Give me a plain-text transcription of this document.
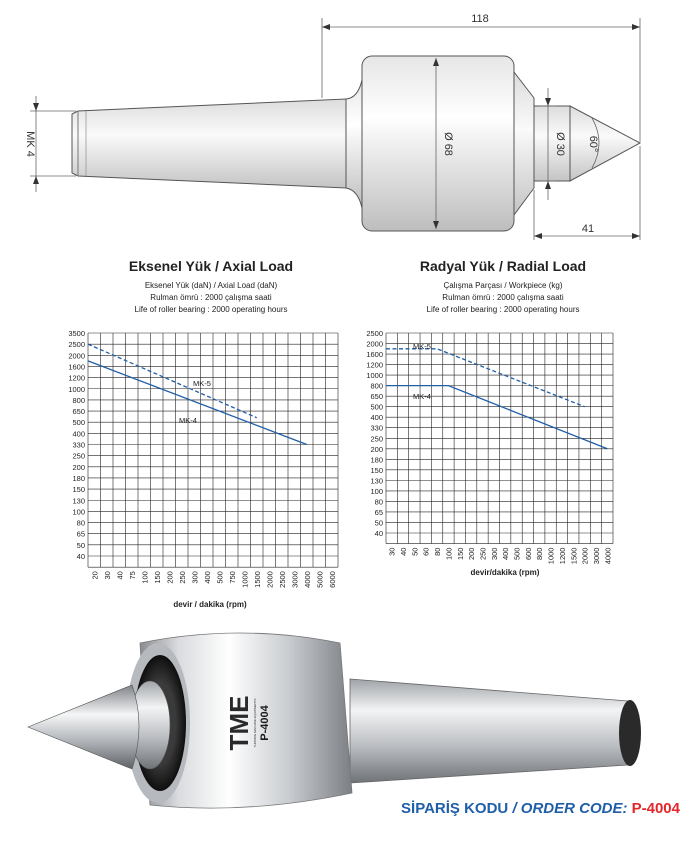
118
MK 4	Ø 68	Ø 30 60°
41
Eksenel Yük / Axial Load
Eksenel Yük (daN) / Axial Load (daN)
Rulman ömrü : 2000 çalışma saati
Life of roller bearing : 2000 operating hours
3500
2500
2000
1600
1200
1000
800
650
500
400
330
250
200
180
150
130
100
80
65
50
40
20 30 40 75 100 150 200 250 300 400 500 750 1000 1500 2000 2500 3000 4000 5000 6000
MK-5
MK-4
devir / dakika (rpm)
Radyal Yük / Radial Load
Çalışma Parçası / Workpiece (kg)
Rulman ömrü : 2000 çalışma saati
Life of roller bearing : 2000 operating hours
2500
2000
1600
1200
1000
800
650
500
400
330
250
200
180
150
130
100
80
65
50
40
30 40 50 60 80 100 150 200 250 300 400 500 600 800 1000 1200 1500 2000 3000 4000
MK-5
MK-4
devir/dakika (rpm)
TME TURNING MACHINE EQUIPMENTS P-4004
SİPARİŞ KODU / ORDER CODE: P-4004
